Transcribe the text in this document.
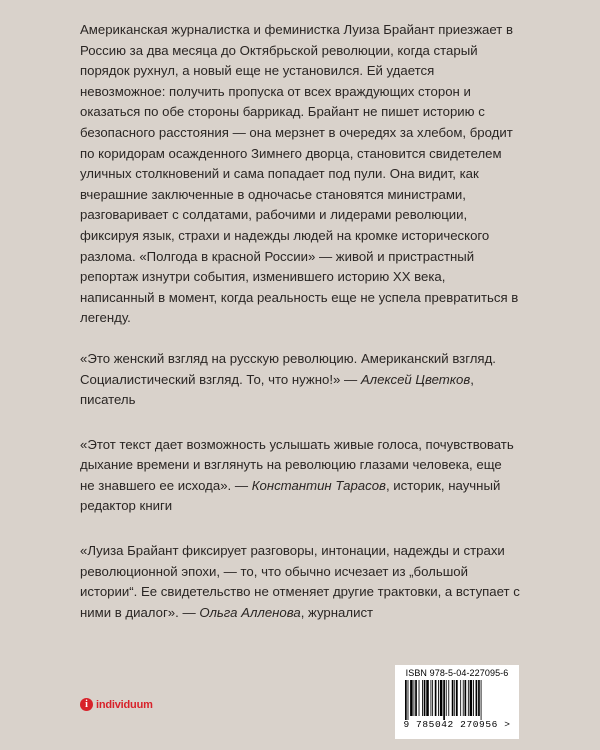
Американская журналистка и феминистка Луиза Брайант приезжает в Россию за два месяца до Октябрьской революции, когда старый порядок рухнул, а новый еще не установился. Ей удается невозможное: получить пропуска от всех враждующих сторон и оказаться по обе стороны баррикад. Брайант не пишет историю с безопасного расстояния — она мерзнет в очередях за хлебом, бродит по коридорам осажденного Зимнего дворца, становится свидетелем уличных столкновений и сама попадает под пули. Она видит, как вчерашние заключенные в одночасье становятся министрами, разговаривает с солдатами, рабочими и лидерами революции, фиксируя язык, страхи и надежды людей на кромке исторического разлома. «Полгода в красной России» — живой и пристрастный репортаж изнутри события, изменившего историю XX века, написанный в момент, когда реальность еще не успела превратиться в легенду.

«Это женский взгляд на русскую революцию. Американский взгляд. Социалистический взгляд. То, что нужно!» — Алексей Цветков, писатель

«Этот текст дает возможность услышать живые голоса, почувствовать дыхание времени и взглянуть на революцию глазами человека, еще не знавшего ее исхода». — Константин Тарасов, историк, научный редактор книги

«Луиза Брайант фиксирует разговоры, интонации, надежды и страхи революционной эпохи, — то, что обычно исчезает из „большой истории“. Ее свидетельство не отменяет другие трактовки, а вступает с ними в диалог». — Ольга Алленова, журналист

i individuum
ISBN 978-5-04-227095-6
9 785042 270956 >
